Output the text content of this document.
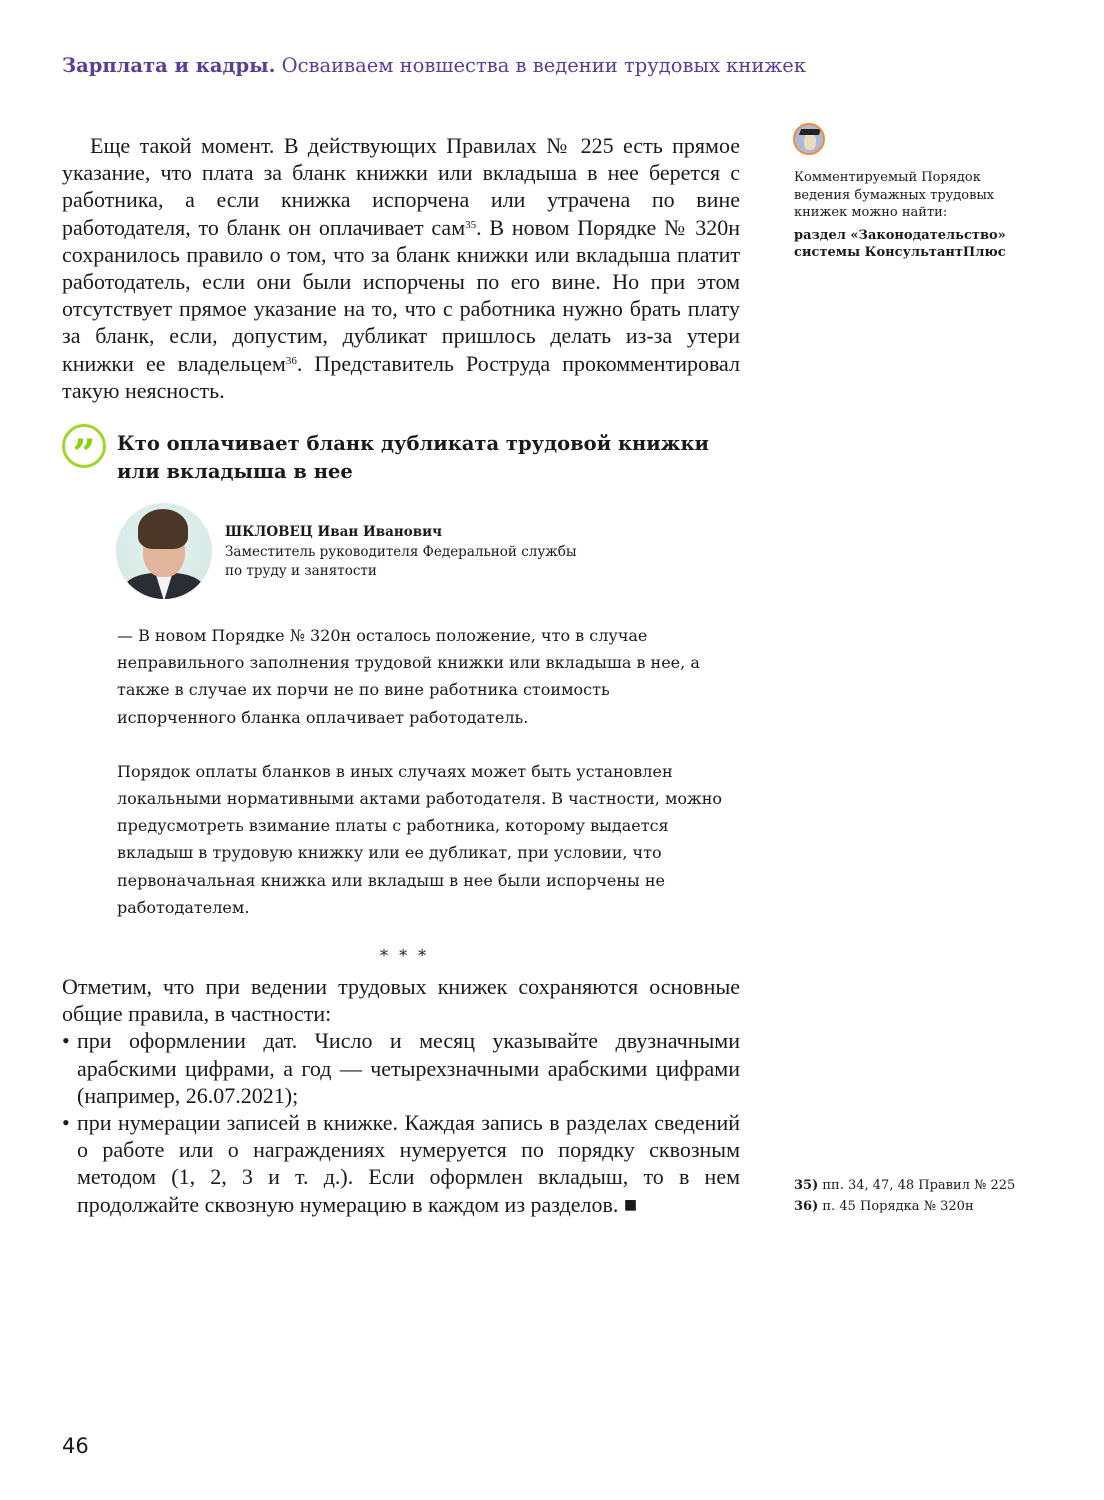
Зарплата и кадры. Осваиваем новшества в ведении трудовых книжек

Еще такой момент. В действующих Правилах № 225 есть прямое указание, что плата за бланк книжки или вкладыша в нее берется с работника, а если книжка испорчена или утрачена по вине работодателя, то бланк он оплачивает сам$^{35}$. В новом Порядке № 320н сохранилось правило о том, что за бланк книжки или вкладыша платит работодатель, если они были испорчены по его вине. Но при этом отсутствует прямое указание на то, что с работника нужно брать плату за бланк, если, допустим, дубликат пришлось делать из-за утери книжки ее владельцем$^{36}$. Представитель Роструда прокомментировал такую неясность.

”	Кто оплачивает бланк дубликата трудовой книжки или вкладыша в нее
ШКЛОВЕЦ Иван Иванович
Заместитель руководителя Федеральной службы
по труду и занятости

— В новом Порядке № 320н осталось положение, что в случае неправильного заполнения трудовой книжки или вкладыша в нее, а также в случае их порчи не по вине работника стоимость испорченного бланка оплачивает работодатель.

Порядок оплаты бланков в иных случаях может быть установлен локальными нормативными актами работодателя. В частности, можно предусмотреть взимание платы с работника, которому выдается вкладыш в трудовую книжку или ее дубликат, при условии, что первоначальная книжка или вкладыш в нее были испорчены не работодателем.

* * *

Отметим, что при ведении трудовых книжек сохраняются основные общие правила, в частности:

• при оформлении дат. Число и месяц указывайте двузначными арабскими цифрами, а год — четырехзначными арабскими цифрами (например, 26.07.2021);
• при нумерации записей в книжке. Каждая запись в разделах сведений о работе или о награждениях нумеруется по порядку сквозным методом (1, 2, 3 и т. д.). Если оформлен вкладыш, то в нем продолжайте сквозную нумерацию в каждом из разделов. ■
Комментируемый Порядок ведения бумажных трудовых книжек можно найти:
раздел «Законодательство» системы КонсультантПлюс
35) пп. 34, 47, 48 Правил № 225
36) п. 45 Порядка № 320н
46
